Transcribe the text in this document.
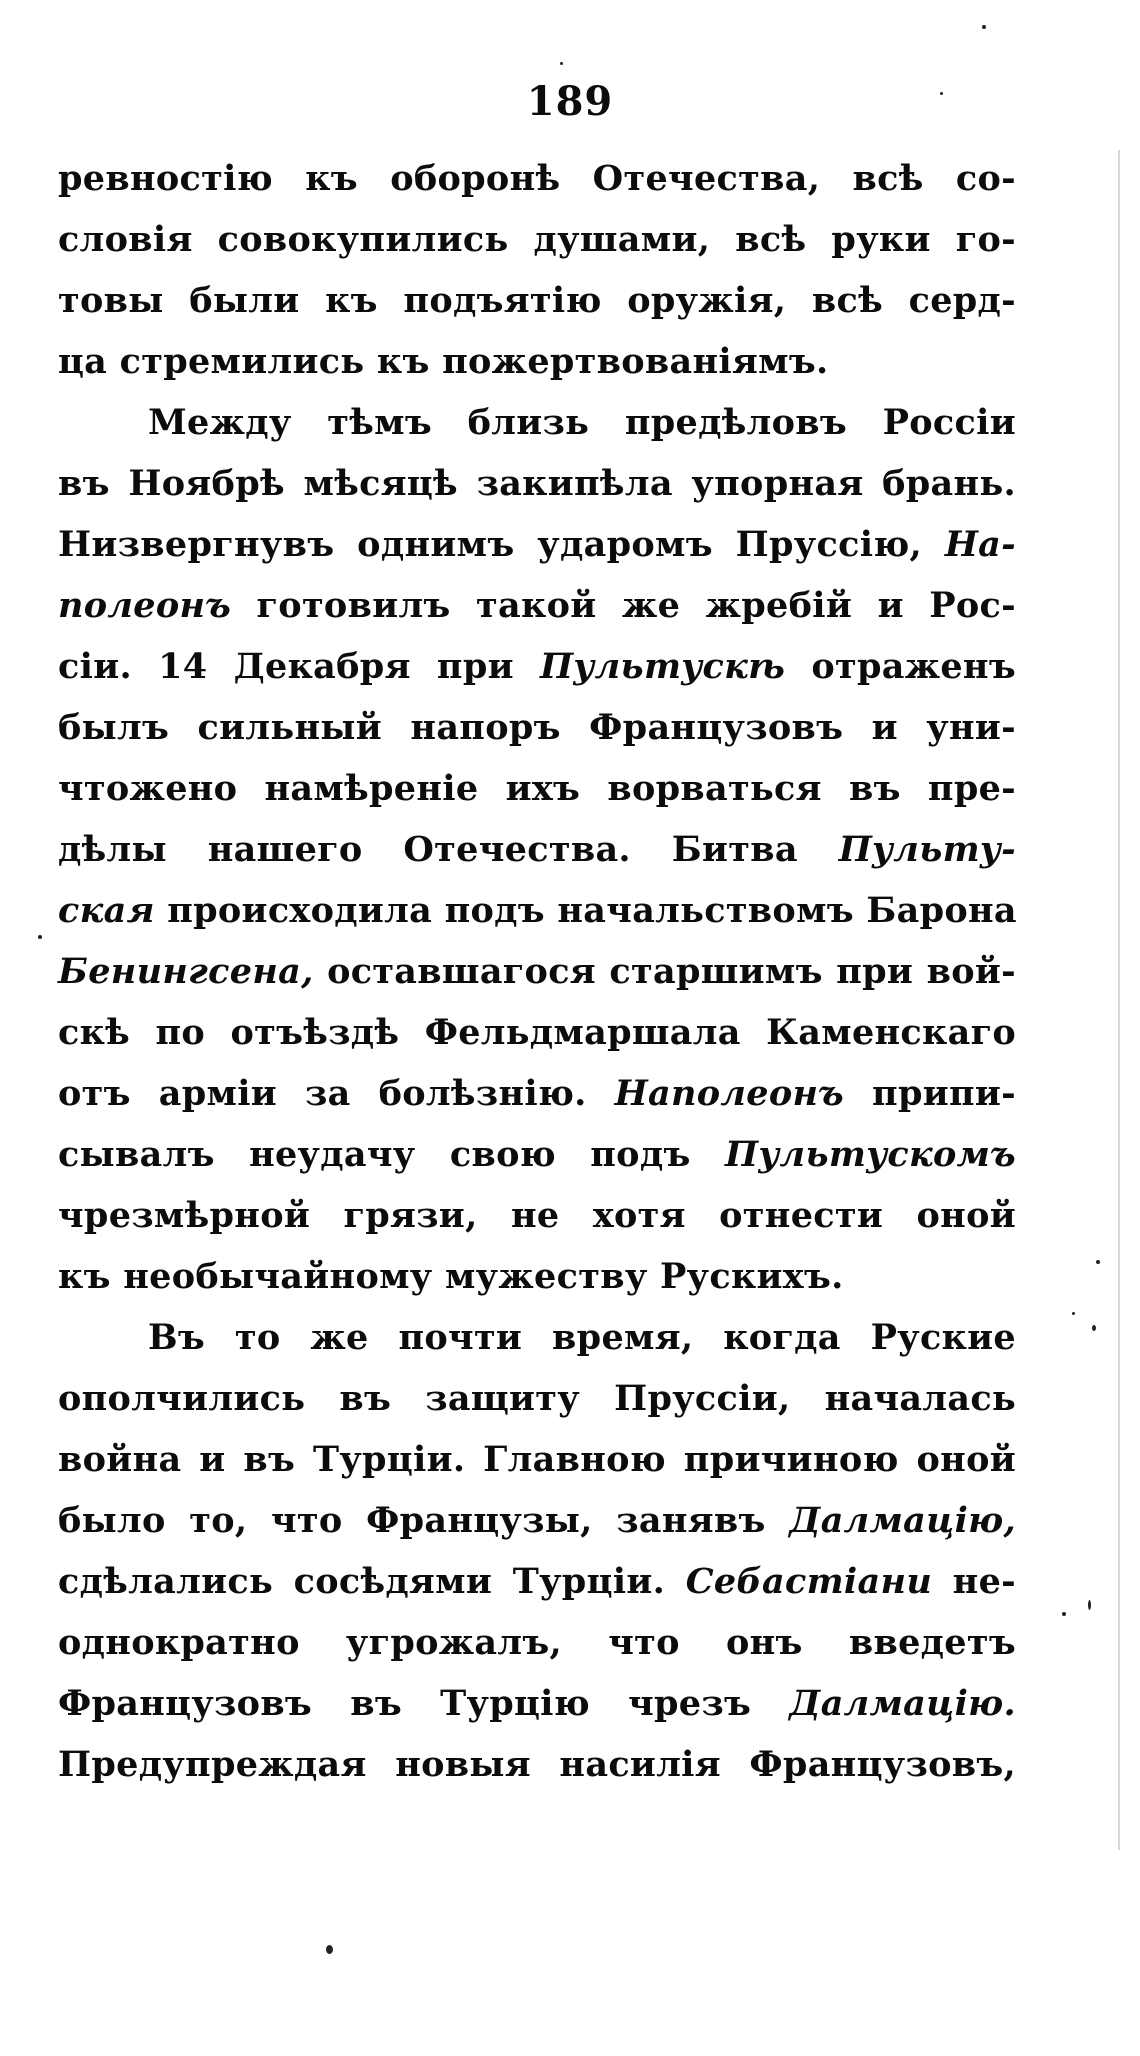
189
ревностію къ оборонѣ Отечества, всѣ со-
словія совокупились душами, всѣ руки го-
товы были къ подъятію оружія, всѣ серд-
ца стремились къ пожертвованіямъ.
Между тѣмъ близь предѣловъ Россіи
въ Ноябрѣ мѣсяцѣ закипѣла упорная брань.
Низвергнувъ однимъ ударомъ Пруссію, На-
полеонъ готовилъ такой же жребій и Рос-
сіи. 14 Декабря при Пультускѣ отраженъ
былъ сильный напоръ Французовъ и уни-
чтожено намѣреніе ихъ ворваться въ пре-
дѣлы нашего Отечества. Битва Пульту-
ская происходила подъ начальствомъ Барона
Бенингсена, оставшагося старшимъ при вой-
скѣ по отъѣздѣ Фельдмаршала Каменскаго
отъ арміи за болѣзнію. Наполеонъ припи-
сывалъ неудачу свою подъ Пультускомъ
чрезмѣрной грязи, не хотя отнести оной
къ необычайному мужеству Рускихъ.
Въ то же почти время, когда Руские
ополчились въ защиту Пруссіи, началась
война и въ Турціи. Главною причиною оной
было то, что Французы, занявъ Далмацію,
сдѣлались сосѣдями Турціи. Себастіани не-
однократно угрожалъ, что онъ введетъ
Французовъ въ Турцію чрезъ Далмацію.
Предупреждая новыя насилія Французовъ,
